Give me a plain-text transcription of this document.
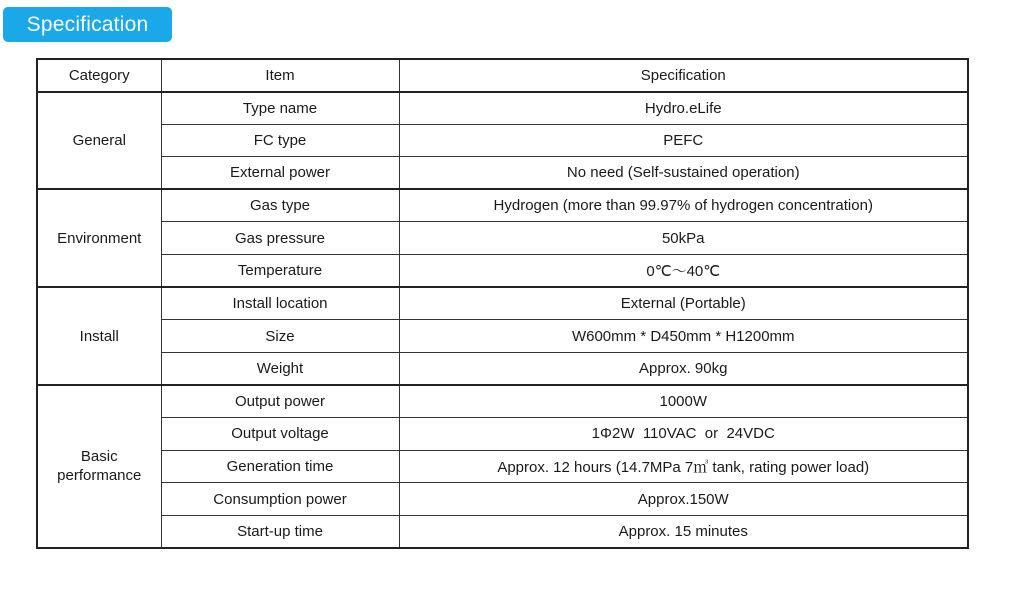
Specification
Category	Item	Specification
General	Type name	Hydro.eLife
	FC type	PEFC
	External power	No need (Self-sustained operation)
Environment	Gas type	Hydrogen (more than 99.97% of hydrogen concentration)
	Gas pressure	50kPa
	Temperature	0℃～40℃
Install	Install location	External (Portable)
	Size	W600mm * D450mm * H1200mm
	Weight	Approx. 90kg
Basic
performance	Output power	1000W
	Output voltage	1Φ2W  110VAC  or  24VDC
	Generation time	Approx. 12 hours (14.7MPa 7㎥ tank, rating power load)
	Consumption power	Approx.150W
	Start-up time	Approx. 15 minutes
